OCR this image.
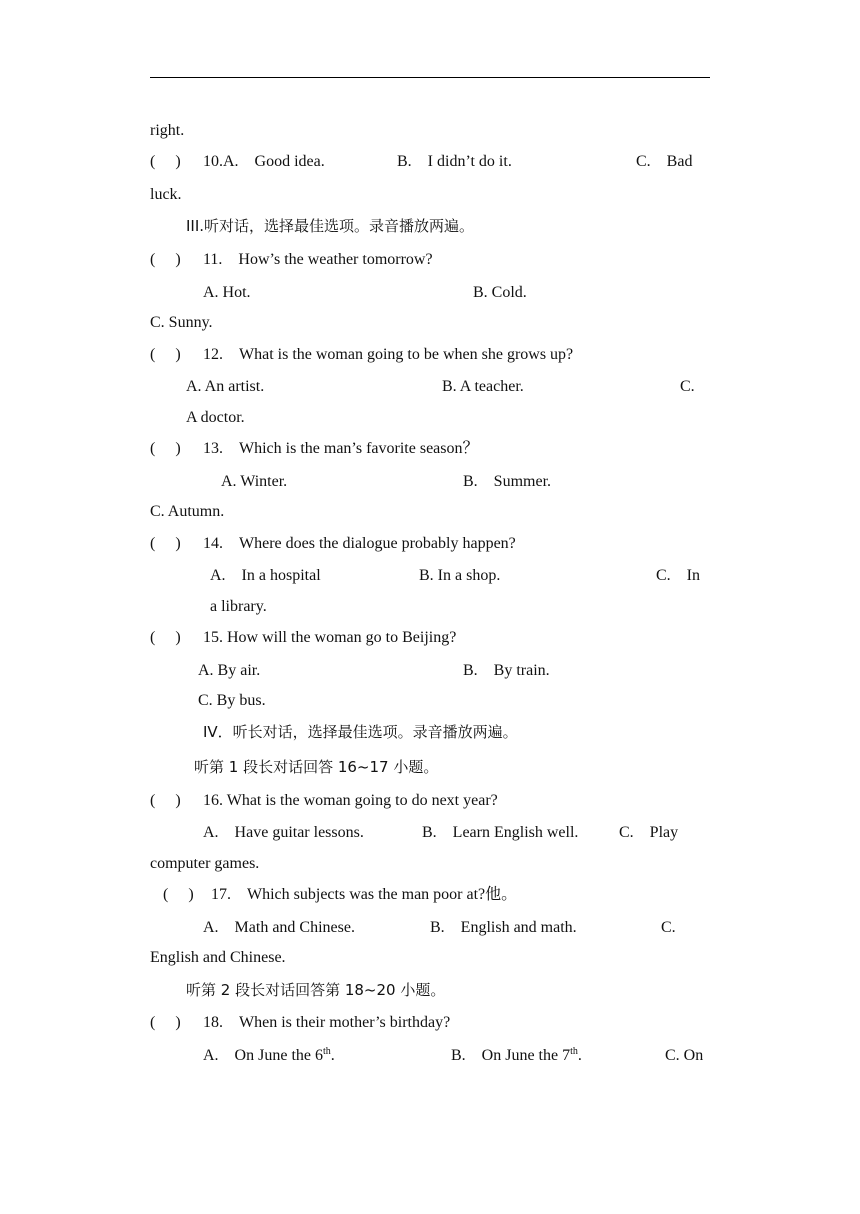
right.
(　 ) 10.A.　Good idea.	B.　I didn’t do it.	C.　Bad
luck.
III.听对话，选择最佳选项。录音播放两遍。
(　 ) 11.　How’s the weather tomorrow?
A. Hot.	B. Cold.
C. Sunny.
(　 ) 12.　What is the woman going to be when she grows up?
A. An artist.	B. A teacher.	C.
A doctor.
(　 ) 13.　Which is the man’s favorite season？
A. Winter.	B.　Summer.
C. Autumn.
(　 ) 14.　Where does the dialogue probably happen?
A.　In a hospital	B. In a shop.	C.　In
a library.
(　 ) 15. How will the woman go to Beijing?
A. By air.	B.　By train.
C. By bus.
IV．听长对话，选择最佳选项。录音播放两遍。
听第 1 段长对话回答 16~17 小题。
(　 ) 16. What is the woman going to do next year?
A.　Have guitar lessons.	B.　Learn English well.	C.　Play
computer games.
(　 ) 17.　Which subjects was the man poor at?他。
A.　Math and Chinese.	B.　English and math.	C.
English and Chinese.
听第 2 段长对话回答第 18~20 小题。
(　 ) 18.　When is their mother’s birthday?
A.　On June the 6th.	B.　On June the 7th.	C. On
